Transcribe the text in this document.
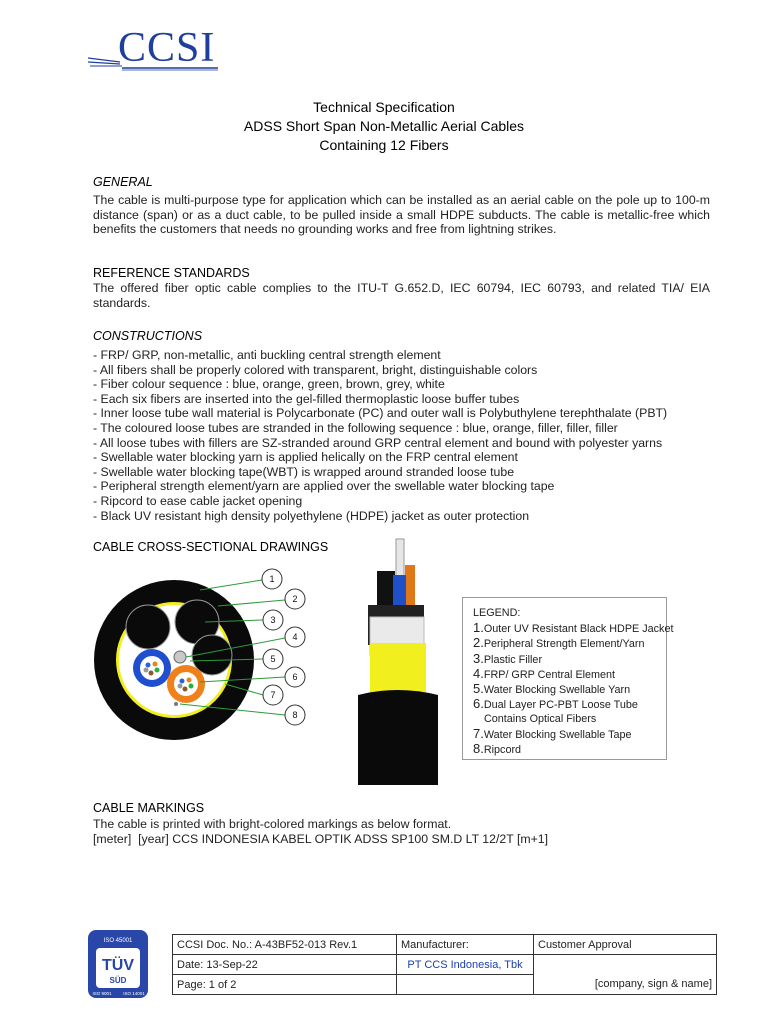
CCSI
Technical Specification
ADSS Short Span Non-Metallic Aerial Cables
Containing 12 Fibers
GENERAL
The cable is multi-purpose type for application which can be installed as an aerial cable on the pole up to 100-m distance (span) or as a duct cable, to be pulled inside a small HDPE subducts. The cable is metallic-free which benefits the customers that needs no grounding works and free from lightning strikes.
REFERENCE STANDARDS
The offered fiber optic cable complies to the ITU-T G.652.D, IEC 60794, IEC 60793, and related TIA/ EIA standards.
CONSTRUCTIONS
- FRP/ GRP, non-metallic, anti buckling central strength element
- All fibers shall be properly colored with transparent, bright, distinguishable colors
- Fiber colour sequence : blue, orange, green, brown, grey, white
- Each six fibers are inserted into the gel-filled thermoplastic loose buffer tubes
- Inner loose tube wall material is Polycarbonate (PC) and outer wall is Polybuthylene terephthalate (PBT)
- The coloured loose tubes are stranded in the following sequence : blue, orange, filler, filler, filler
- All loose tubes with fillers are SZ-stranded around GRP central element and bound with polyester yarns
- Swellable water blocking yarn is applied helically on the FRP central element
- Swellable water blocking tape(WBT) is wrapped around stranded loose tube
- Peripheral strength element/yarn are applied over the swellable water blocking tape
- Ripcord to ease cable jacket opening
- Black UV resistant high density polyethylene (HDPE) jacket as outer protection
CABLE CROSS-SECTIONAL DRAWINGS
1
2
3
4
5
6
7
8
LEGEND:
1.Outer UV Resistant Black HDPE Jacket
2.Peripheral Strength Element/Yarn
3.Plastic Filler
4.FRP/ GRP Central Element
5.Water Blocking Swellable Yarn
6.Dual Layer PC-PBT Loose Tube
Contains Optical Fibers
7.Water Blocking Swellable Tape
8.Ripcord
CABLE MARKINGS
The cable is printed with bright-colored markings as below format.
[meter]  [year] CCS INDONESIA KABEL OPTIK ADSS SP100 SM.D LT 12/2T [m+1]
ISO 45001
TÜV
SÜD
ISO 9001	ISO 14001
CCSI Doc. No.: A-43BF52-013 Rev.1	Manufacturer:	Customer Approval
Date: 13-Sep-22	PT CCS Indonesia, Tbk	
Page: 1 of 2		[company, sign & name]
